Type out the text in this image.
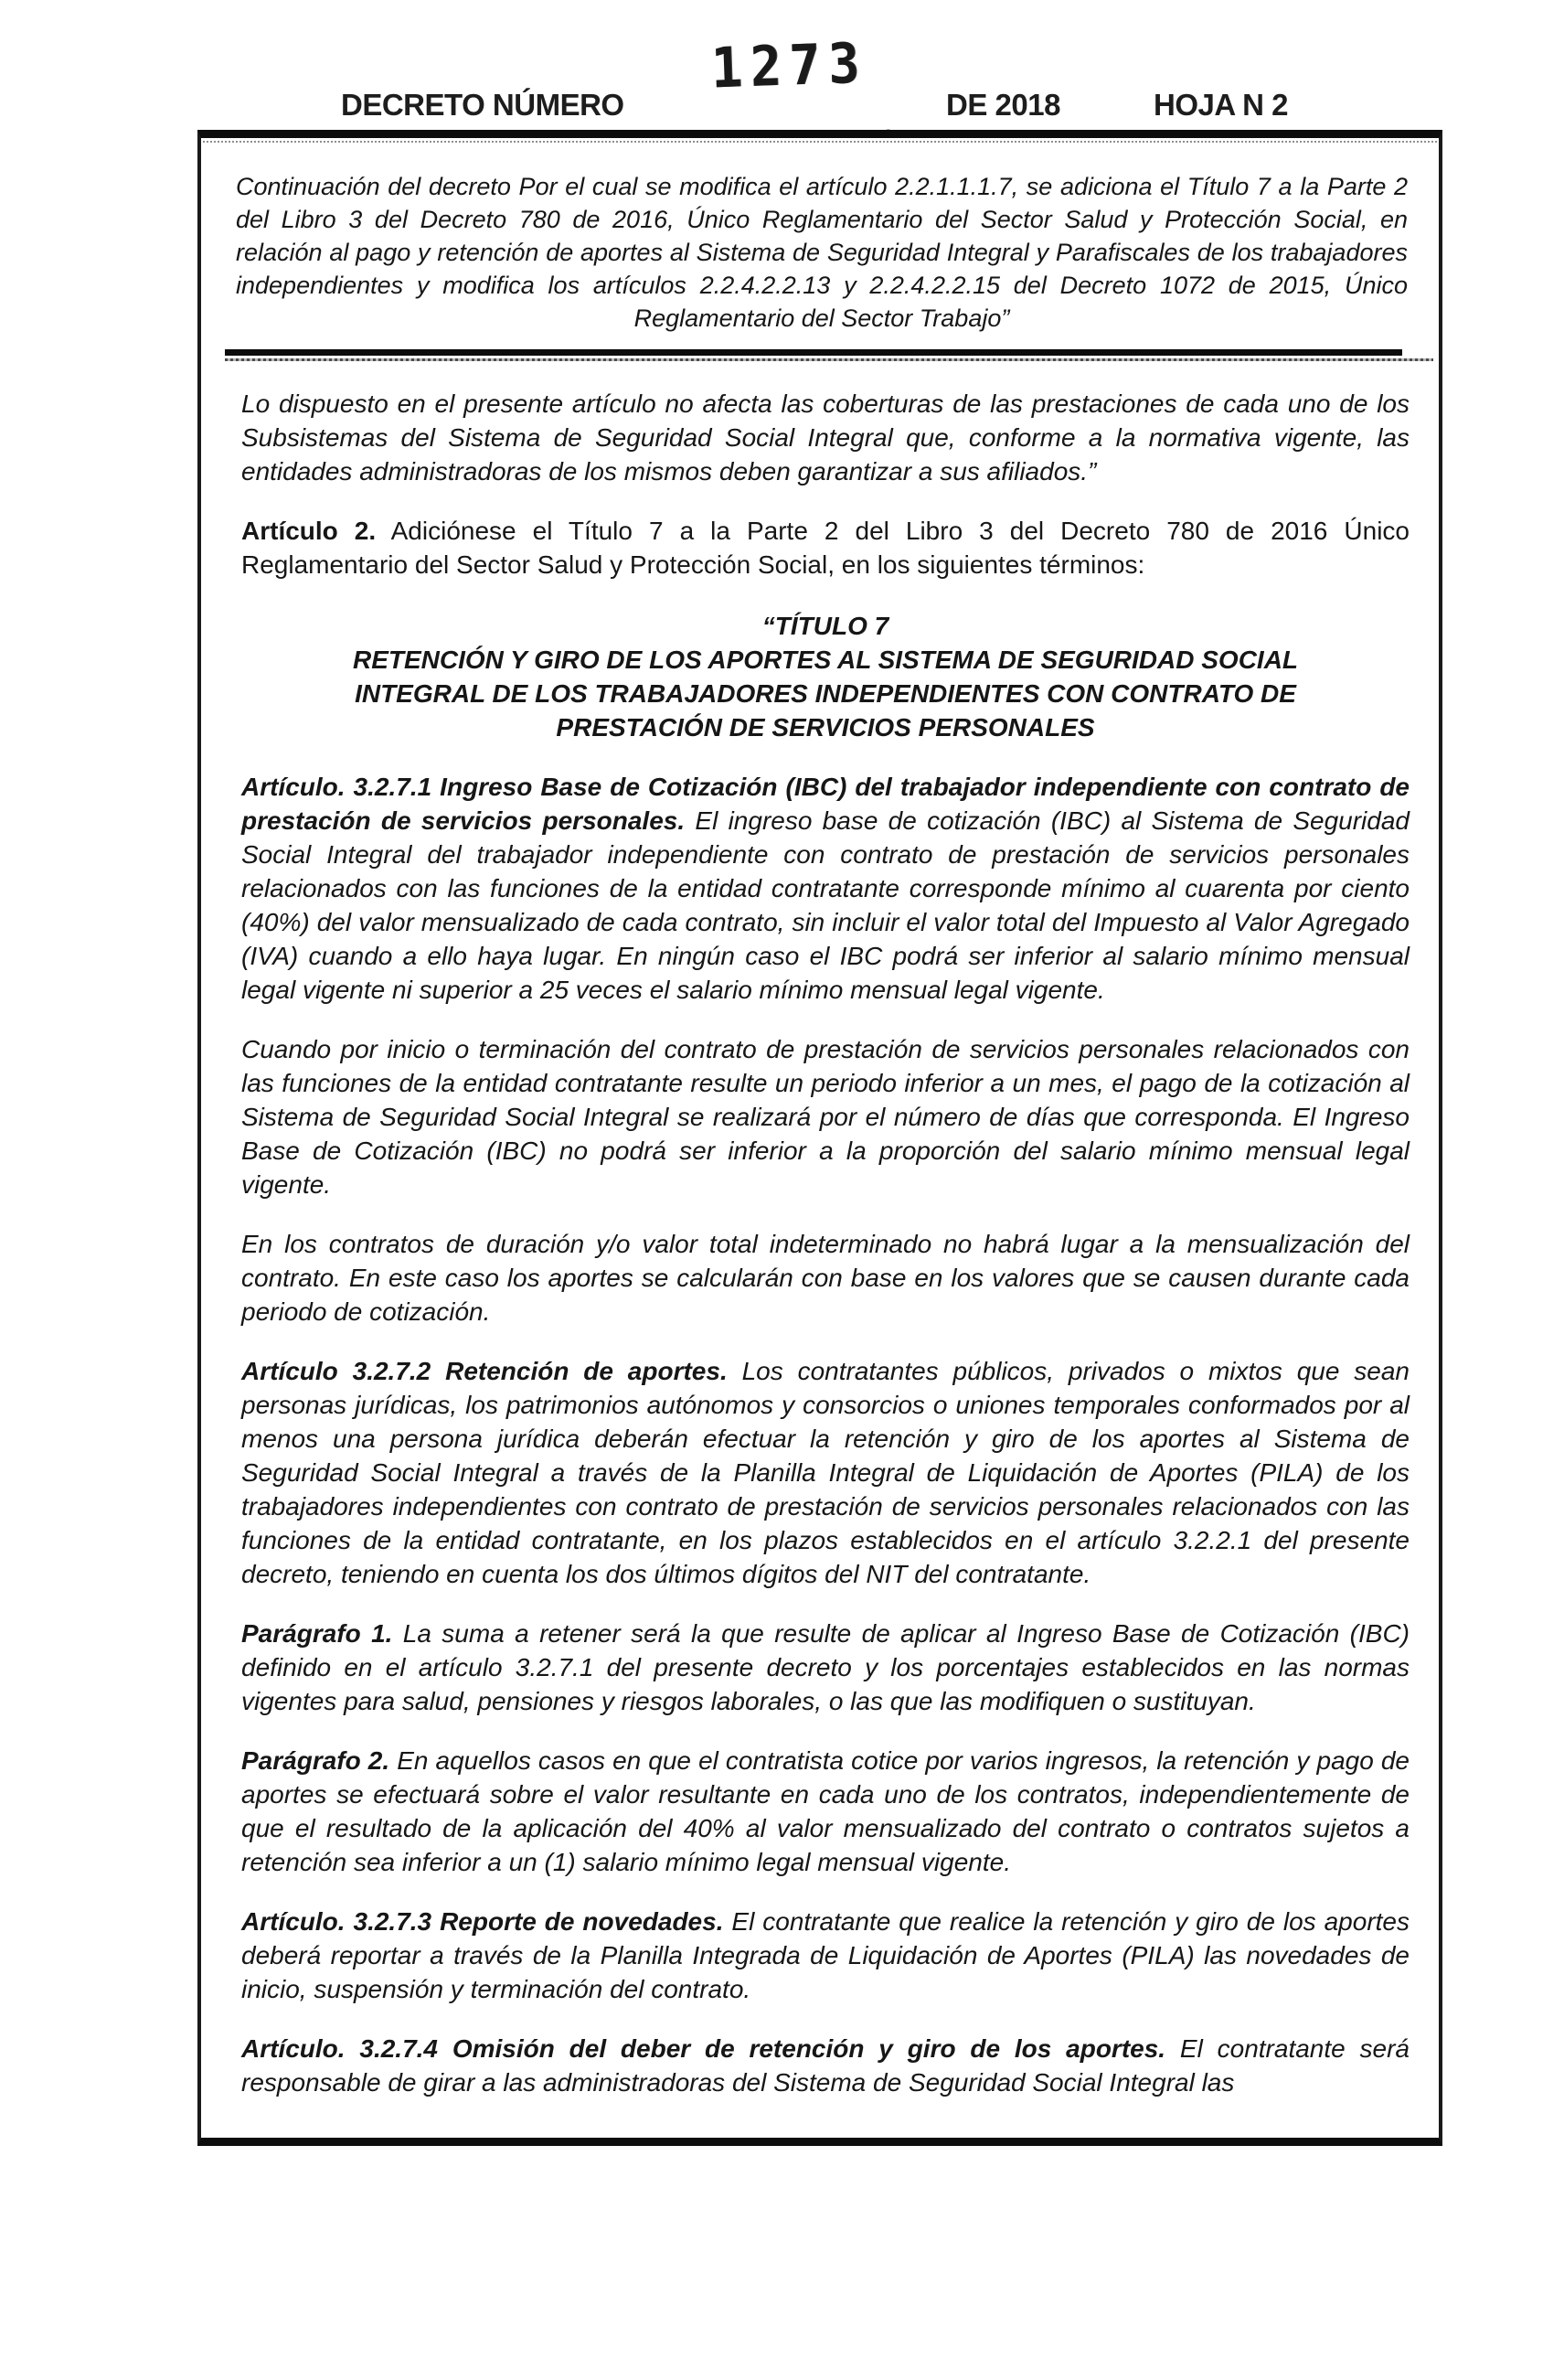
DECRETO NÚMERO
1273
DE 2018	HOJA N 2

Continuación del decreto Por el cual se modifica el artículo 2.2.1.1.1.7, se adiciona el Título 7 a la Parte 2 del Libro 3 del Decreto 780 de 2016, Único Reglamentario del Sector Salud y Protección Social, en relación al pago y retención de aportes al Sistema de Seguridad Integral y Parafiscales de los trabajadores independientes y modifica los artículos 2.2.4.2.2.13 y 2.2.4.2.2.15 del Decreto 1072 de 2015, Único Reglamentario del Sector Trabajo”

Lo dispuesto en el presente artículo no afecta las coberturas de las prestaciones de cada uno de los Subsistemas del Sistema de Seguridad Social Integral que, conforme a la normativa vigente, las entidades administradoras de los mismos deben garantizar a sus afiliados.”

Artículo 2. Adiciónese el Título 7 a la Parte 2 del Libro 3 del Decreto 780 de 2016 Único Reglamentario del Sector Salud y Protección Social, en los siguientes términos:

“TÍTULO 7
RETENCIÓN Y GIRO DE LOS APORTES AL SISTEMA DE SEGURIDAD SOCIAL
INTEGRAL DE LOS TRABAJADORES INDEPENDIENTES CON CONTRATO DE
PRESTACIÓN DE SERVICIOS PERSONALES

Artículo. 3.2.7.1 Ingreso Base de Cotización (IBC) del trabajador independiente con contrato de prestación de servicios personales. El ingreso base de cotización (IBC) al Sistema de Seguridad Social Integral del trabajador independiente con contrato de prestación de servicios personales relacionados con las funciones de la entidad contratante corresponde mínimo al cuarenta por ciento (40%) del valor mensualizado de cada contrato, sin incluir el valor total del Impuesto al Valor Agregado (IVA) cuando a ello haya lugar. En ningún caso el IBC podrá ser inferior al salario mínimo mensual legal vigente ni superior a 25 veces el salario mínimo mensual legal vigente.

Cuando por inicio o terminación del contrato de prestación de servicios personales relacionados con las funciones de la entidad contratante resulte un periodo inferior a un mes, el pago de la cotización al Sistema de Seguridad Social Integral se realizará por el número de días que corresponda. El Ingreso Base de Cotización (IBC) no podrá ser inferior a la proporción del salario mínimo mensual legal vigente.

En los contratos de duración y/o valor total indeterminado no habrá lugar a la mensualización del contrato. En este caso los aportes se calcularán con base en los valores que se causen durante cada periodo de cotización.

Artículo 3.2.7.2 Retención de aportes. Los contratantes públicos, privados o mixtos que sean personas jurídicas, los patrimonios autónomos y consorcios o uniones temporales conformados por al menos una persona jurídica deberán efectuar la retención y giro de los aportes al Sistema de Seguridad Social Integral a través de la Planilla Integral de Liquidación de Aportes (PILA) de los trabajadores independientes con contrato de prestación de servicios personales relacionados con las funciones de la entidad contratante, en los plazos establecidos en el artículo 3.2.2.1 del presente decreto, teniendo en cuenta los dos últimos dígitos del NIT del contratante.

Parágrafo 1. La suma a retener será la que resulte de aplicar al Ingreso Base de Cotización (IBC) definido en el artículo 3.2.7.1 del presente decreto y los porcentajes establecidos en las normas vigentes para salud, pensiones y riesgos laborales, o las que las modifiquen o sustituyan.

Parágrafo 2. En aquellos casos en que el contratista cotice por varios ingresos, la retención y pago de aportes se efectuará sobre el valor resultante en cada uno de los contratos, independientemente de que el resultado de la aplicación del 40% al valor mensualizado del contrato o contratos sujetos a retención sea inferior a un (1) salario mínimo legal mensual vigente.

Artículo. 3.2.7.3 Reporte de novedades. El contratante que realice la retención y giro de los aportes deberá reportar a través de la Planilla Integrada de Liquidación de Aportes (PILA) las novedades de inicio, suspensión y terminación del contrato.

Artículo. 3.2.7.4 Omisión del deber de retención y giro de los aportes. El contratante será responsable de girar a las administradoras del Sistema de Seguridad Social Integral las
